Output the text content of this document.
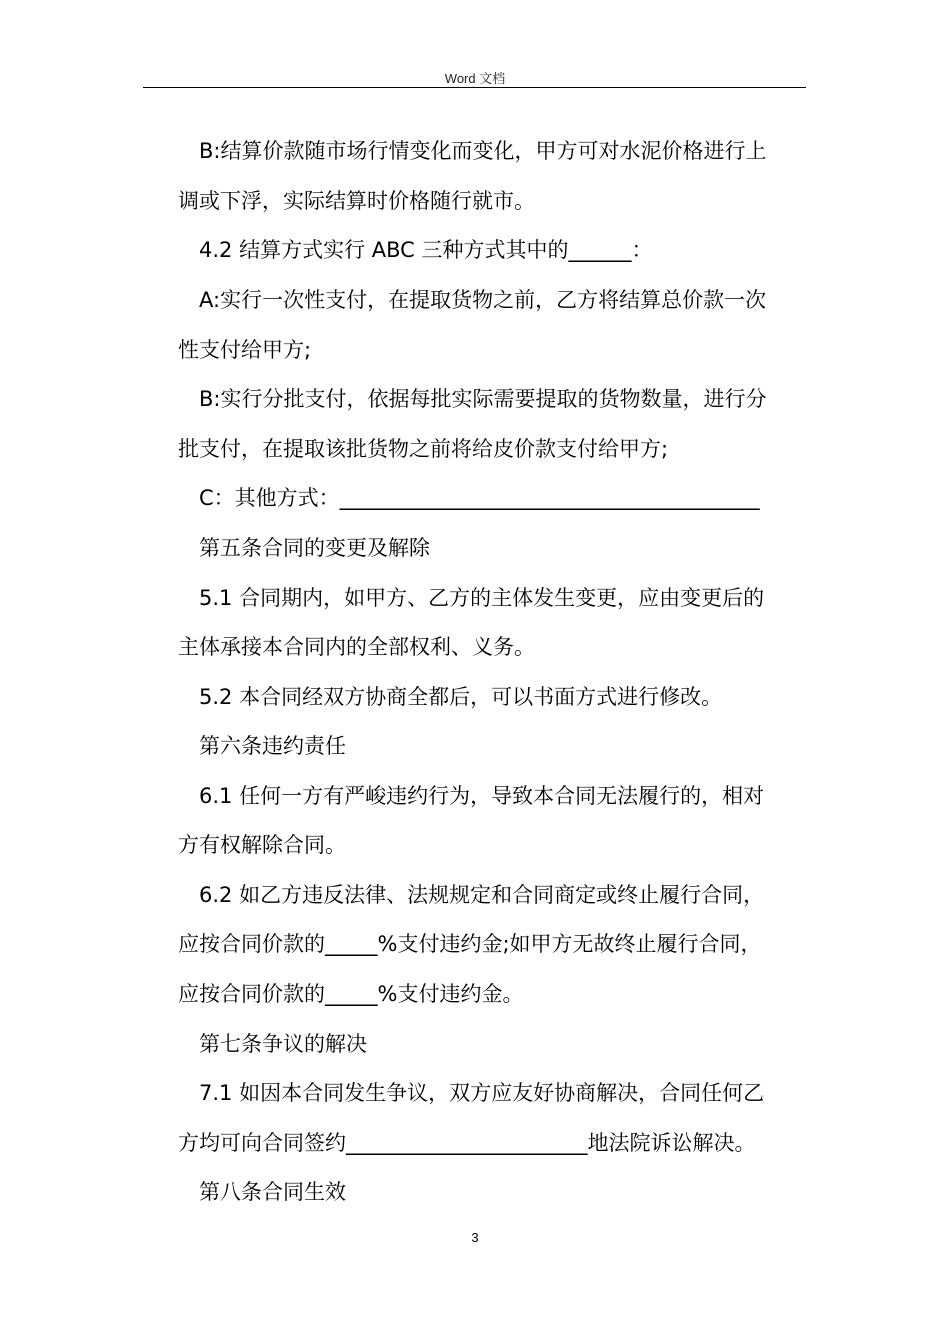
Word 文档
B:结算价款随市场行情变化而变化，甲方可对水泥价格进行上
调或下浮，实际结算时价格随行就市。
4.2 结算方式实行 ABC 三种方式其中的______：
A:实行一次性支付，在提取货物之前，乙方将结算总价款一次
性支付给甲方;
B:实行分批支付，依据每批实际需要提取的货物数量，进行分
批支付，在提取该批货物之前将给皮价款支付给甲方;
C：其他方式：________________________________________
第五条合同的变更及解除
5.1 合同期内，如甲方、乙方的主体发生变更，应由变更后的
主体承接本合同内的全部权利、义务。
5.2 本合同经双方协商全都后，可以书面方式进行修改。
第六条违约责任
6.1 任何一方有严峻违约行为，导致本合同无法履行的，相对
方有权解除合同。
6.2 如乙方违反法律、法规规定和合同商定或终止履行合同，
应按合同价款的_____%支付违约金;如甲方无故终止履行合同，
应按合同价款的_____%支付违约金。
第七条争议的解决
7.1 如因本合同发生争议，双方应友好协商解决，合同任何乙
方均可向合同签约_______________________地法院诉讼解决。
第八条合同生效
3
